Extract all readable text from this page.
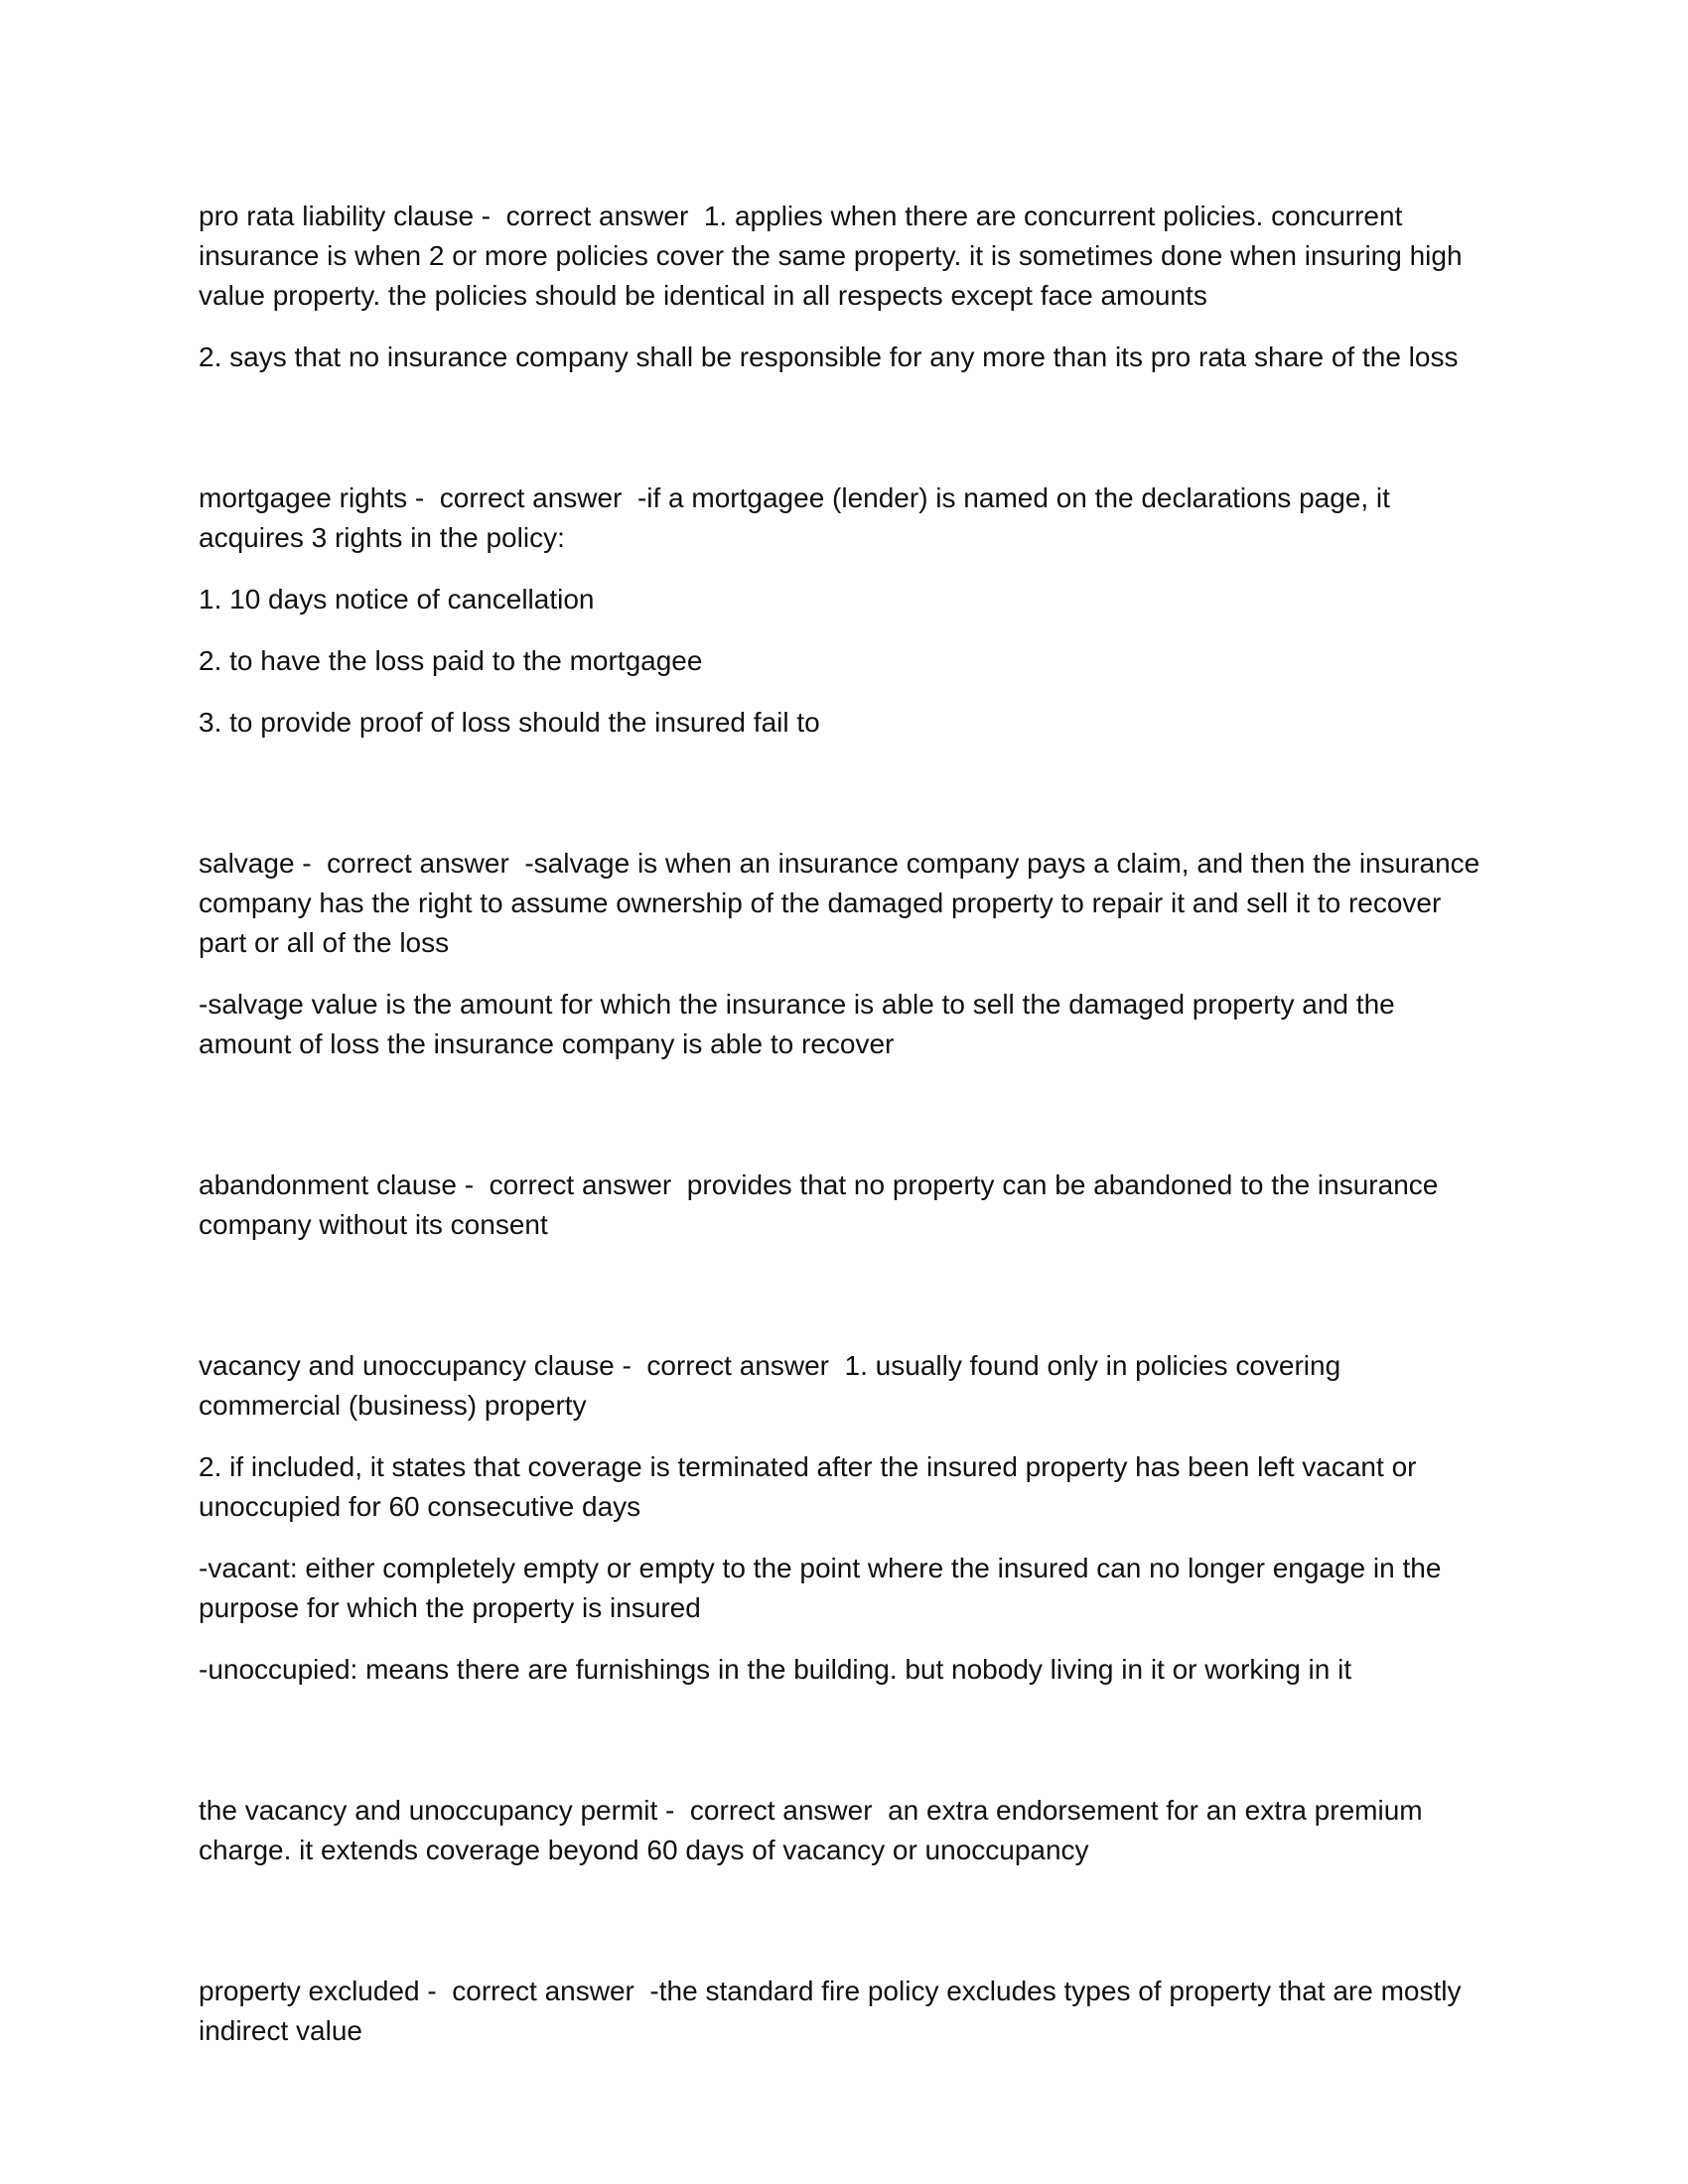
pro rata liability clause -  correct answer  1. applies when there are concurrent policies. concurrent insurance is when 2 or more policies cover the same property. it is sometimes done when insuring high value property. the policies should be identical in all respects except face amounts

2. says that no insurance company shall be responsible for any more than its pro rata share of the loss

mortgagee rights -  correct answer  -if a mortgagee (lender) is named on the declarations page, it acquires 3 rights in the policy:

1. 10 days notice of cancellation

2. to have the loss paid to the mortgagee

3. to provide proof of loss should the insured fail to

salvage -  correct answer  -salvage is when an insurance company pays a claim, and then the insurance company has the right to assume ownership of the damaged property to repair it and sell it to recover part or all of the loss

-salvage value is the amount for which the insurance is able to sell the damaged property and the amount of loss the insurance company is able to recover

abandonment clause -  correct answer  provides that no property can be abandoned to the insurance company without its consent

vacancy and unoccupancy clause -  correct answer  1. usually found only in policies covering commercial (business) property

2. if included, it states that coverage is terminated after the insured property has been left vacant or unoccupied for 60 consecutive days

-vacant: either completely empty or empty to the point where the insured can no longer engage in the purpose for which the property is insured

-unoccupied: means there are furnishings in the building. but nobody living in it or working in it

the vacancy and unoccupancy permit -  correct answer  an extra endorsement for an extra premium charge. it extends coverage beyond 60 days of vacancy or unoccupancy

property excluded -  correct answer  -the standard fire policy excludes types of property that are mostly indirect value
